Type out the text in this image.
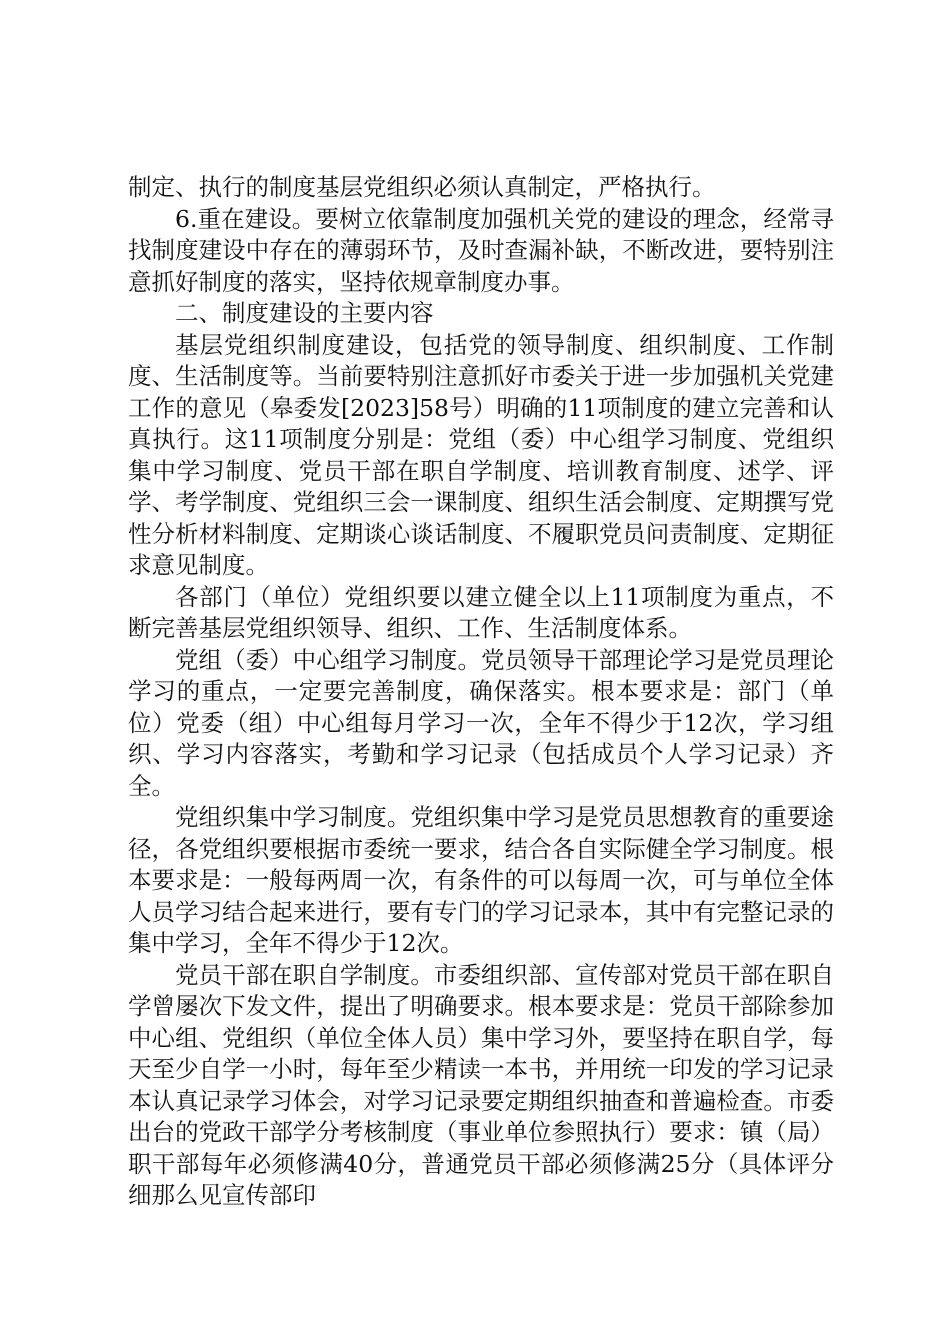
制定、执行的制度基层党组织必须认真制定，严格执行。

6.重在建设。要树立依靠制度加强机关党的建设的理念，经常寻找制度建设中存在的薄弱环节，及时查漏补缺，不断改进，要特别注意抓好制度的落实，坚持依规章制度办事。

二、制度建设的主要内容

基层党组织制度建设，包括党的领导制度、组织制度、工作制度、生活制度等。当前要特别注意抓好市委关于进一步加强机关党建工作的意见（皋委发[2023]58号）明确的11项制度的建立完善和认真执行。这11项制度分别是：党组（委）中心组学习制度、党组织集中学习制度、党员干部在职自学制度、培训教育制度、述学、评学、考学制度、党组织三会一课制度、组织生活会制度、定期撰写党性分析材料制度、定期谈心谈话制度、不履职党员问责制度、定期征求意见制度。

各部门（单位）党组织要以建立健全以上11项制度为重点，不断完善基层党组织领导、组织、工作、生活制度体系。

党组（委）中心组学习制度。党员领导干部理论学习是党员理论学习的重点，一定要完善制度，确保落实。根本要求是：部门（单位）党委（组）中心组每月学习一次，全年不得少于12次，学习组织、学习内容落实，考勤和学习记录（包括成员个人学习记录）齐全。

党组织集中学习制度。党组织集中学习是党员思想教育的重要途径，各党组织要根据市委统一要求，结合各自实际健全学习制度。根本要求是：一般每两周一次，有条件的可以每周一次，可与单位全体人员学习结合起来进行，要有专门的学习记录本，其中有完整记录的集中学习，全年不得少于12次。

党员干部在职自学制度。市委组织部、宣传部对党员干部在职自学曾屡次下发文件，提出了明确要求。根本要求是：党员干部除参加中心组、党组织（单位全体人员）集中学习外，要坚持在职自学，每天至少自学一小时，每年至少精读一本书，并用统一印发的学习记录本认真记录学习体会，对学习记录要定期组织抽查和普遍检查。市委出台的党政干部学分考核制度（事业单位参照执行）要求：镇（局）职干部每年必须修满40分，普通党员干部必须修满25分（具体评分细那么见宣传部印
